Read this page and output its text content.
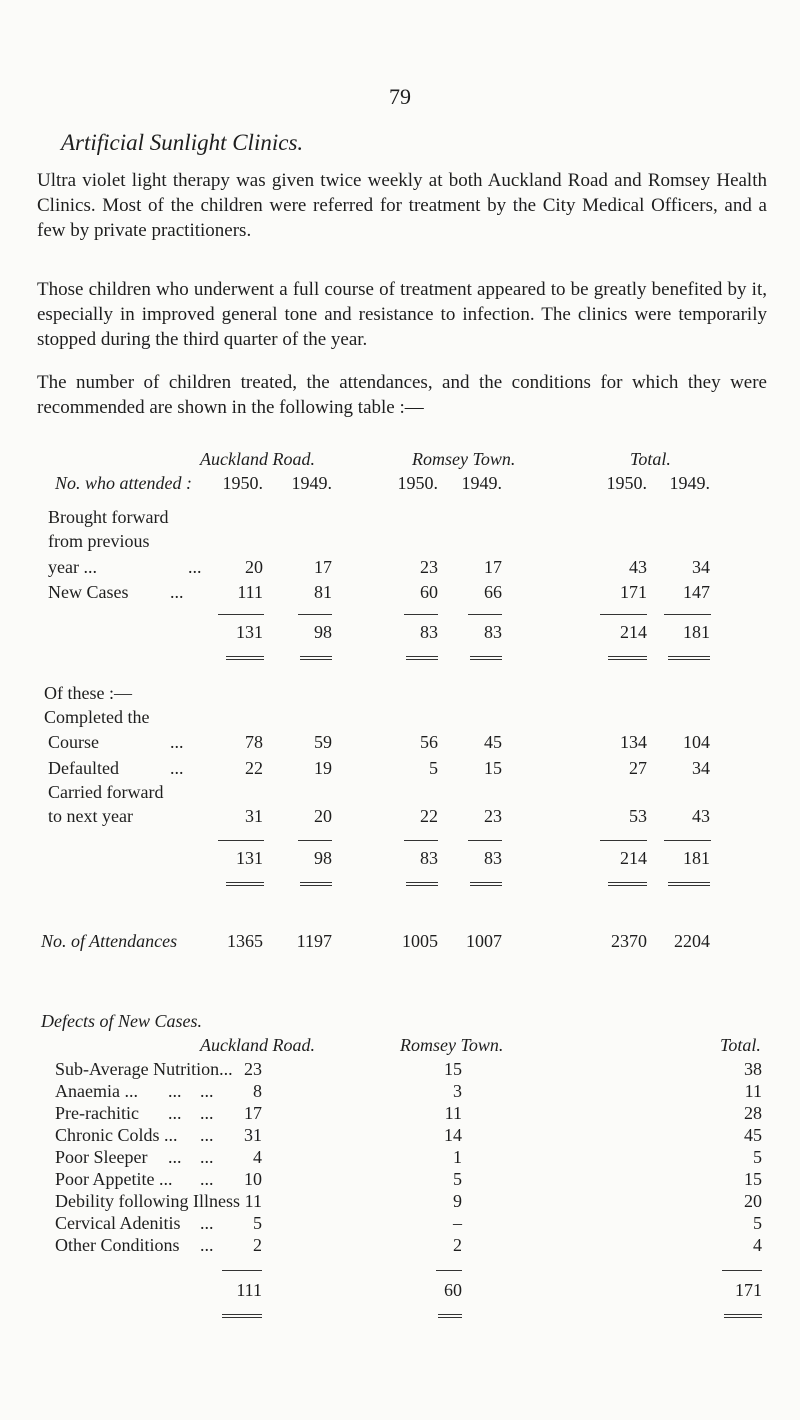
79
Artificial Sunlight Clinics.
Ultra violet light therapy was given twice weekly at both Auckland Road and Romsey Health Clinics. Most of the children were referred for treatment by the City Medical Officers, and a few by private practitioners.
Those children who underwent a full course of treatment appeared to be greatly benefited by it, especially in improved general tone and resistance to infection. The clinics were temporarily stopped during the third quarter of the year.
The number of children treated, the attendances, and the conditions for which they were recommended are shown in the following table :—
Auckland Road.	Romsey Town.	Total.
No. who attended :	1950.	1949.	1950.	1949.	1950.	1949.
Brought forward
from previous
year ...	...	20	17	23	17	43	34
New Cases ...	111	81	60	66	171	147
131	98	83	83	214	181
Of these :—
Completed the
Course	...	78	59	56	45	134	104
Defaulted	...	22	19	5	15	27	34
Carried forward
to next year	31	20	22	23	53	43
131	98	83	83	214	181
No. of Attendances	1365	1197	1005	1007	2370	2204
Defects of New Cases.
Auckland Road.	Romsey Town.	Total.
Sub-Average Nutrition... 23	15	38
Anaemia ... ... ...	8	3	11
Pre-rachitic ... ...	17	11	28
Chronic Colds ... ...	31	14	45
Poor Sleeper ... ...	4	1	5
Poor Appetite ... ...	10	5	15
Debility following Illness 11	9	20
Cervical Adenitis ...	5	–	5
Other Conditions ...	2	2	4
111	60	171
